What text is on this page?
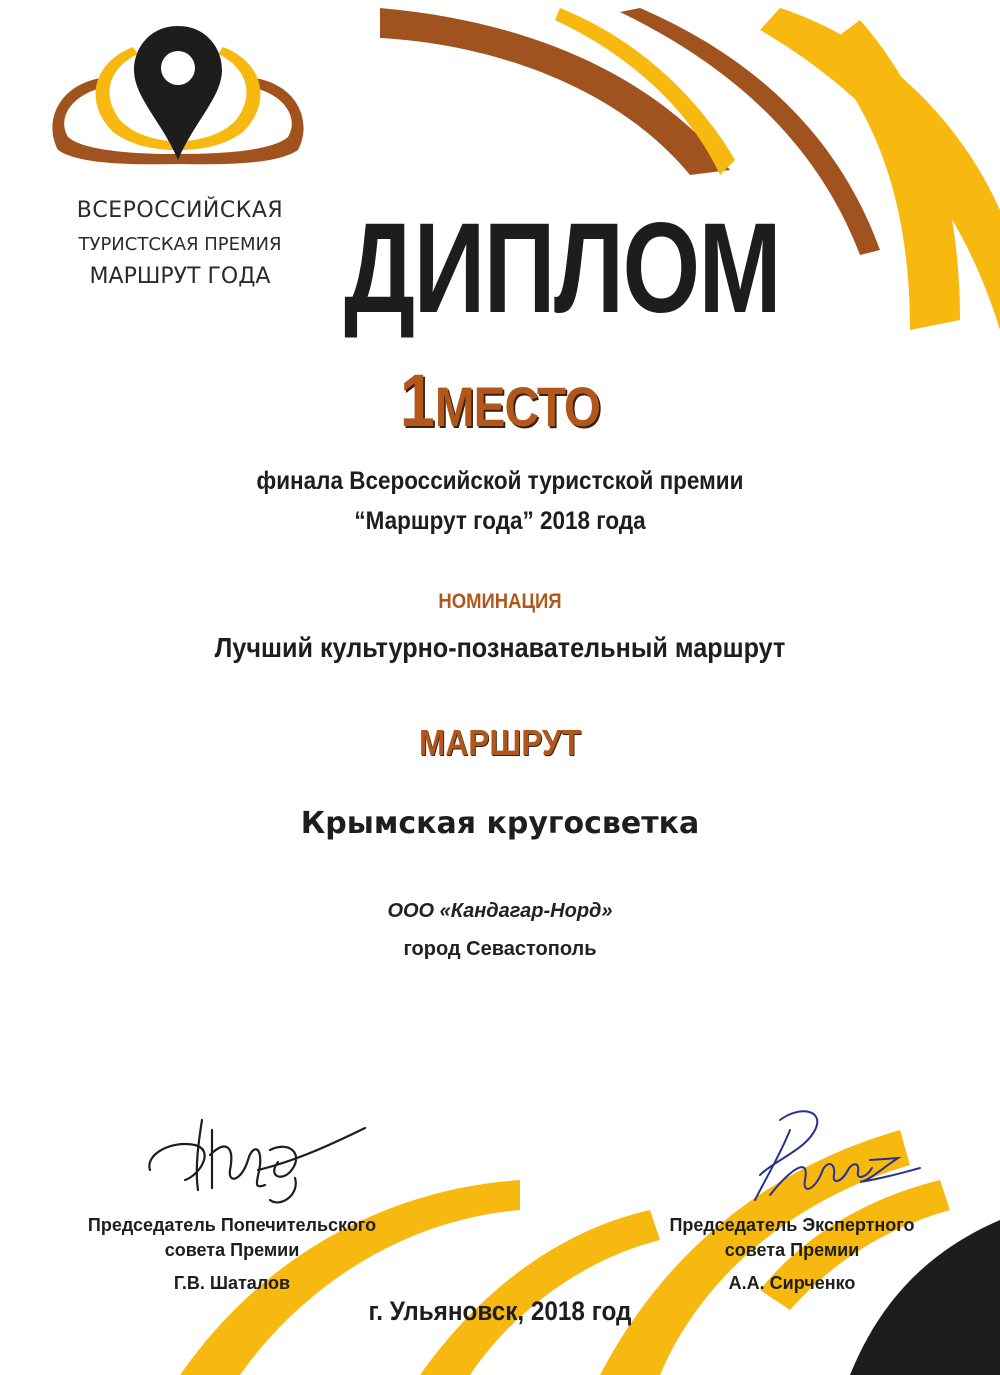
ВСЕРОССИЙСКАЯ
ТУРИСТСКАЯ ПРЕМИЯ
МАРШРУТ ГОДА ДИПЛОМ
1МЕСТО
финала Всероссийской туристской премии
“Маршрут года” 2018 года
НОМИНАЦИЯ
Лучший культурно-познавательный маршрут
МАРШРУТ
Крымская кругосветка
ООО «Кандагар-Норд»
город Севастополь
Председатель Попечительского
совета Премии
Г.В. Шаталов
Председатель Экспертного
совета Премии
А.А. Сирченко
г. Ульяновск, 2018 год
